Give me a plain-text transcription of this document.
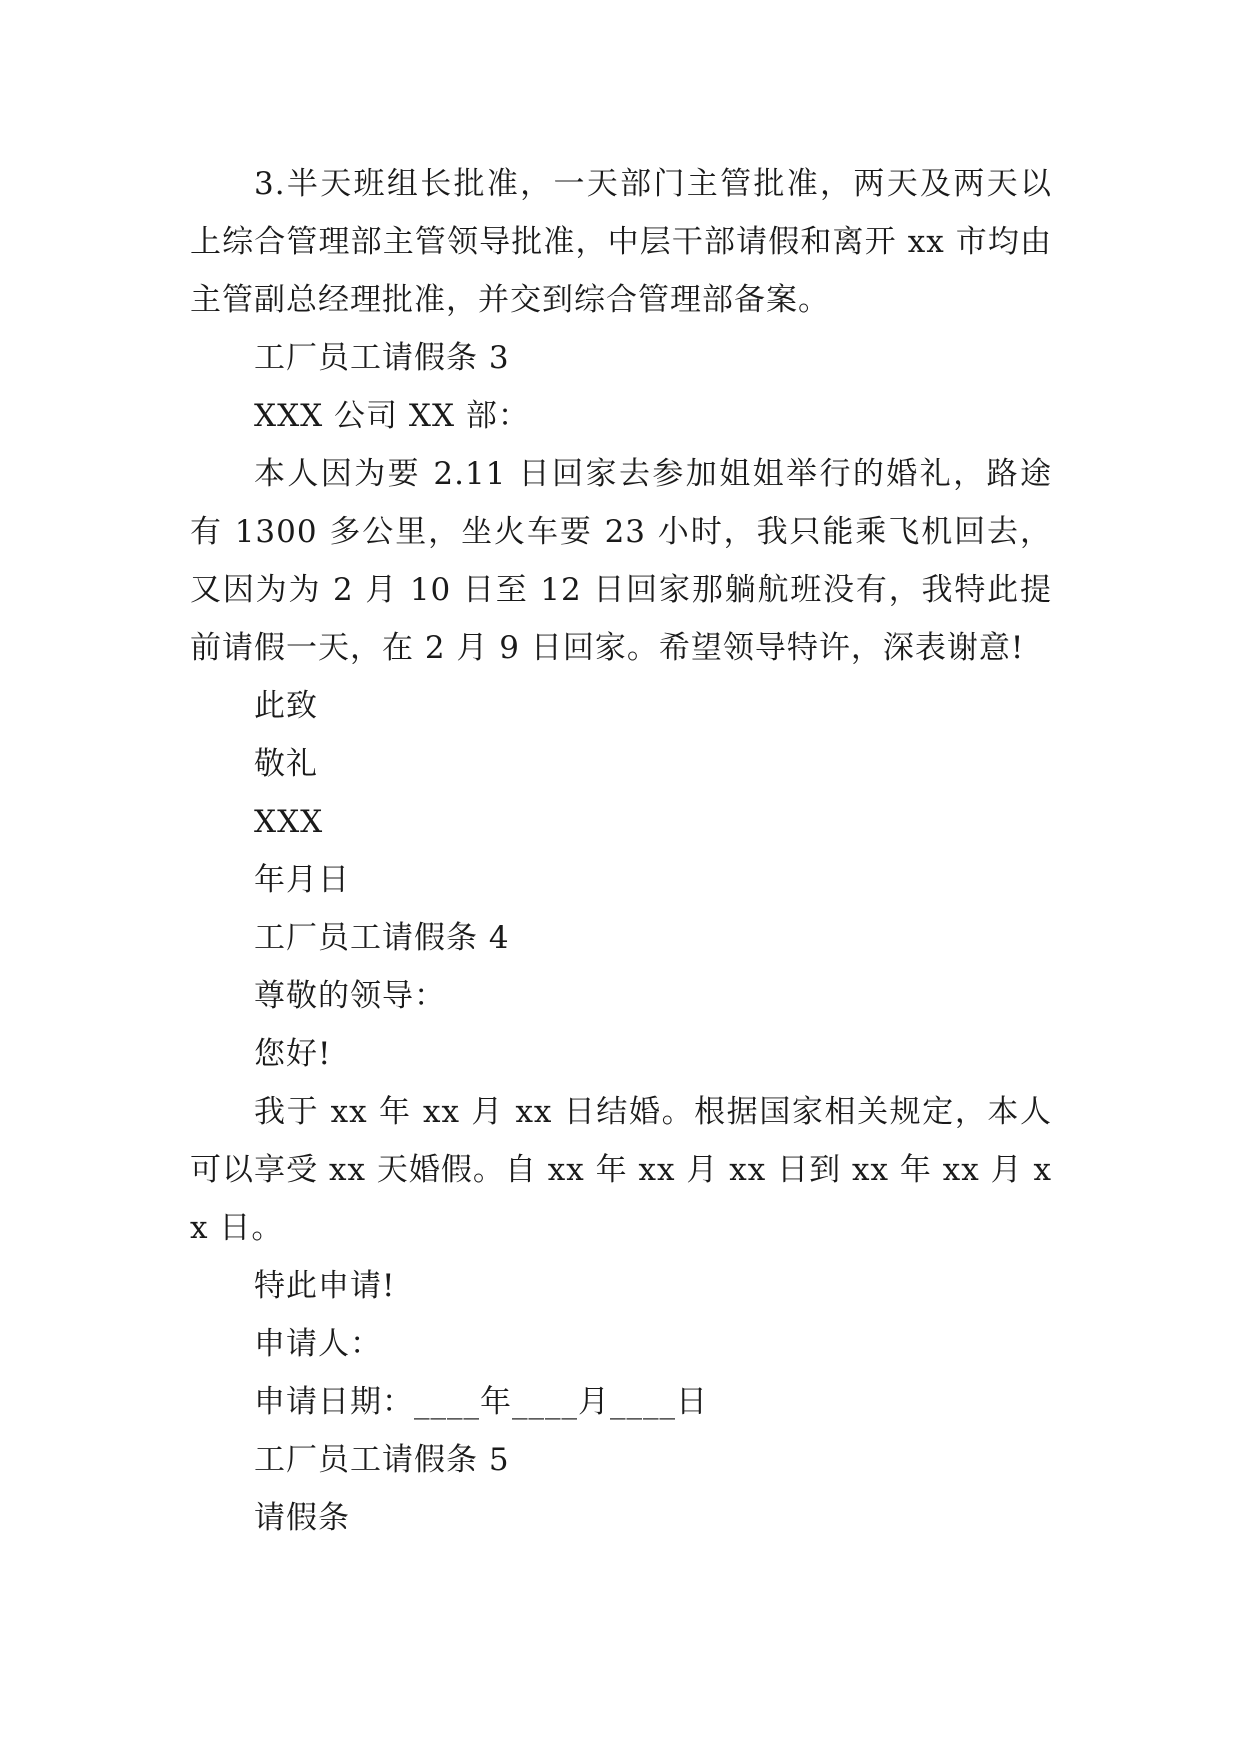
3.半天班组长批准，一天部门主管批准，两天及两天以上综合管理部主管领导批准，中层干部请假和离开 xx 市均由主管副总经理批准，并交到综合管理部备案。

工厂员工请假条 3

XXX 公司 XX 部：

本人因为要 2.11 日回家去参加姐姐举行的婚礼，路途有 1300 多公里，坐火车要 23 小时，我只能乘飞机回去，又因为为 2 月 10 日至 12 日回家那躺航班没有，我特此提前请假一天，在 2 月 9 日回家。希望领导特许，深表谢意!

此致

敬礼

XXX

年月日

工厂员工请假条 4

尊敬的领导：

您好!

我于 xx 年 xx 月 xx 日结婚。根据国家相关规定，本人可以享受 xx 天婚假。自 xx 年 xx 月 xx 日到 xx 年 xx 月 xx 日。

特此申请!

申请人：

申请日期：____年____月____日

工厂员工请假条 5

请假条
